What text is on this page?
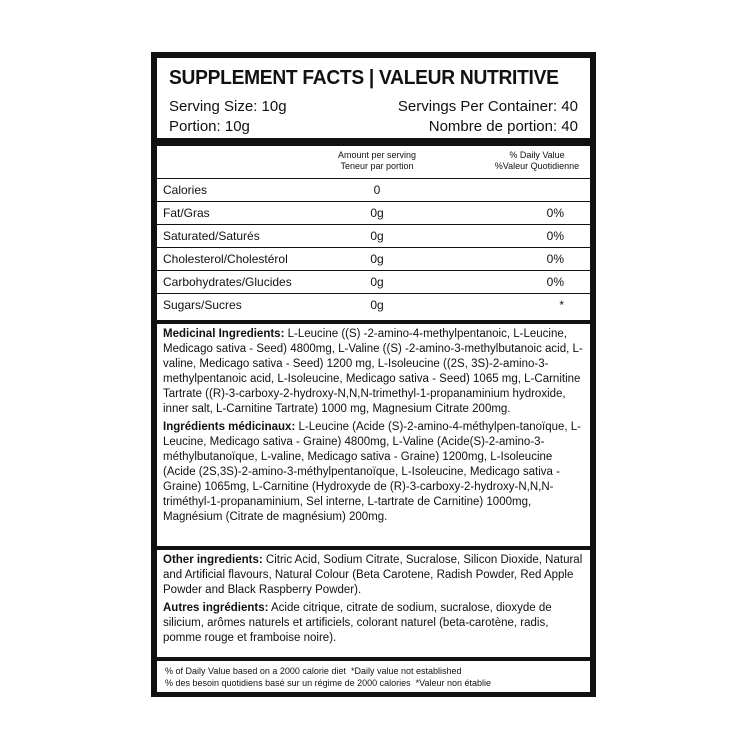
SUPPLEMENT FACTS | VALEUR NUTRITIVE
Serving Size: 10g	Servings Per Container: 40
Portion: 10g	Nombre de portion: 40
Amount per serving
Teneur par portion
% Daily Value
%Valeur Quotidienne
Calories	0
Fat/Gras	0g	0%
Saturated/Saturés	0g	0%
Cholesterol/Cholestérol	0g	0%
Carbohydrates/Glucides	0g	0%
Sugars/Sucres	0g	*

Medicinal Ingredients: L-Leucine ((S) -2-amino-4-methylpentanoic, L-Leucine, Medicago sativa - Seed) 4800mg, L-Valine ((S) -2-amino-3-methylbutanoic acid, L-valine, Medicago sativa - Seed) 1200 mg, L-Isoleucine ((2S, 3S)-2-amino-3-methylpentanoic acid, L-Isoleucine, Medicago sativa - Seed) 1065 mg, L-Carnitine Tartrate ((R)-3-carboxy-2-hydroxy-N,N,N-trimethyl-1-propanaminium hydroxide, inner salt, L-Carnitine Tartrate) 1000 mg, Magnesium Citrate 200mg.

Ingrédients médicinaux: L-Leucine (Acide (S)-2-amino-4-méthylpen-tanoïque, L-Leucine, Medicago sativa - Graine) 4800mg, L-Valine (Acide(S)-2-amino-3-méthylbutanoïque, L-valine, Medicago sativa - Graine) 1200mg, L-Isoleucine (Acide (2S,3S)-2-amino-3-méthylpentanoïque, L-Isoleucine, Medicago sativa - Graine) 1065mg, L-Carnitine (Hydroxyde de (R)-3-carboxy-2-hydroxy-N,N,N-triméthyl-1-propanaminium, Sel interne, L-tartrate de Carnitine) 1000mg, Magnésium (Citrate de magnésium) 200mg.

Other ingredients: Citric Acid, Sodium Citrate, Sucralose, Silicon Dioxide, Natural and Artificial flavours, Natural Colour (Beta Carotene, Radish Powder, Red Apple Powder and Black Raspberry Powder).

Autres ingrédients: Acide citrique, citrate de sodium, sucralose, dioxyde de silicium, arômes naturels et artificiels, colorant naturel (beta-carotène, radis, pomme rouge et framboise noire).

% of Daily Value based on a 2000 calorie diet *Daily value not established
% des besoin quotidiens basé sur un régime de 2000 calories *Valeur non établie
